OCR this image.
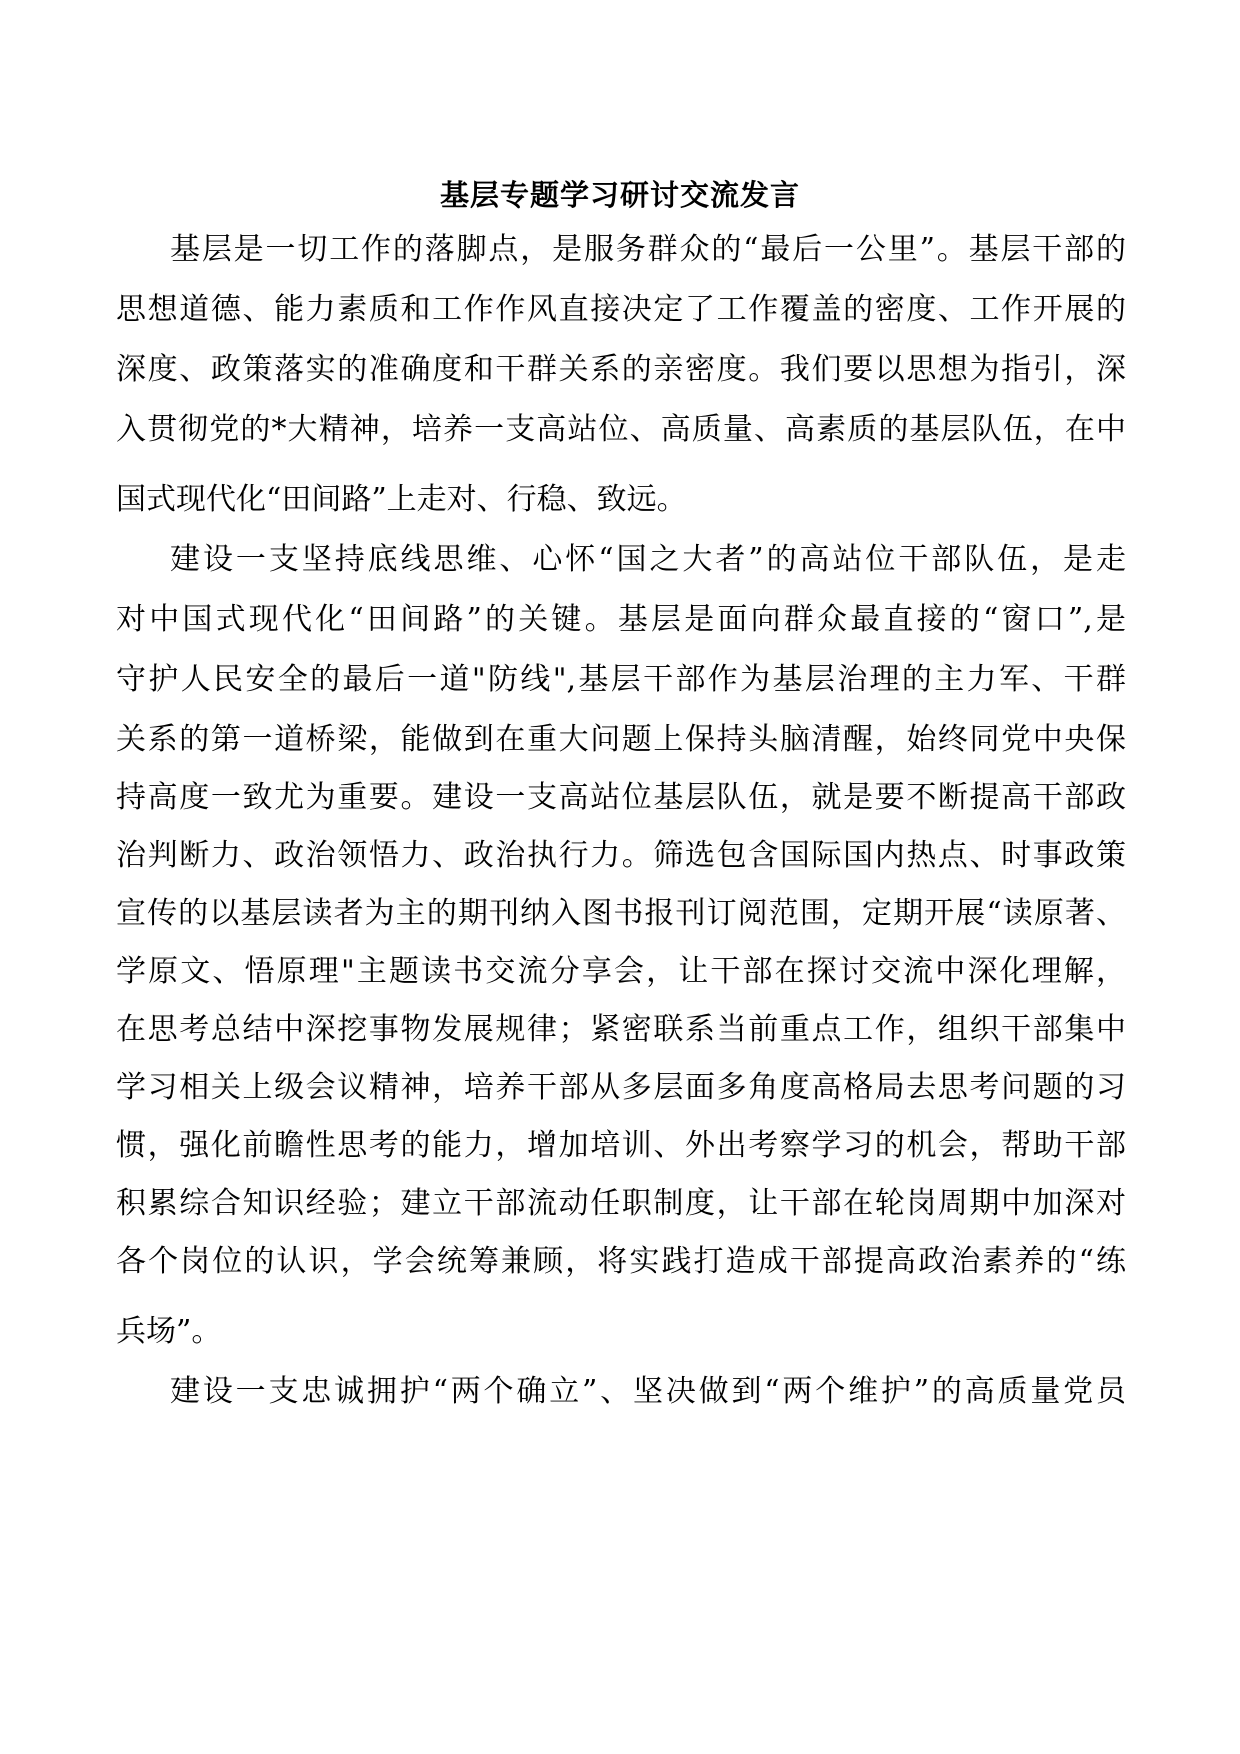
基层专题学习研讨交流发言
基层是一切工作的落脚点，是服务群众的“最后一公里”。基层干部的
思想道德、能力素质和工作作风直接决定了工作覆盖的密度、工作开展的
深度、政策落实的准确度和干群关系的亲密度。我们要以思想为指引，深
入贯彻党的*大精神，培养一支高站位、高质量、高素质的基层队伍，在中
国式现代化“田间路”上走对、行稳、致远。
建设一支坚持底线思维、心怀“国之大者”的高站位干部队伍，是走
对中国式现代化“田间路”的关键。基层是面向群众最直接的“窗口”,是
守护人民安全的最后一道"防线",基层干部作为基层治理的主力军、干群
关系的第一道桥梁，能做到在重大问题上保持头脑清醒，始终同党中央保
持高度一致尤为重要。建设一支高站位基层队伍，就是要不断提高干部政
治判断力、政治领悟力、政治执行力。筛选包含国际国内热点、时事政策
宣传的以基层读者为主的期刊纳入图书报刊订阅范围，定期开展“读原著、
学原文、悟原理"主题读书交流分享会，让干部在探讨交流中深化理解，
在思考总结中深挖事物发展规律；紧密联系当前重点工作，组织干部集中
学习相关上级会议精神，培养干部从多层面多角度高格局去思考问题的习
惯，强化前瞻性思考的能力，增加培训、外出考察学习的机会，帮助干部
积累综合知识经验；建立干部流动任职制度，让干部在轮岗周期中加深对
各个岗位的认识，学会统筹兼顾，将实践打造成干部提高政治素养的“练
兵场”。
建设一支忠诚拥护“两个确立”、坚决做到“两个维护”的高质量党员
